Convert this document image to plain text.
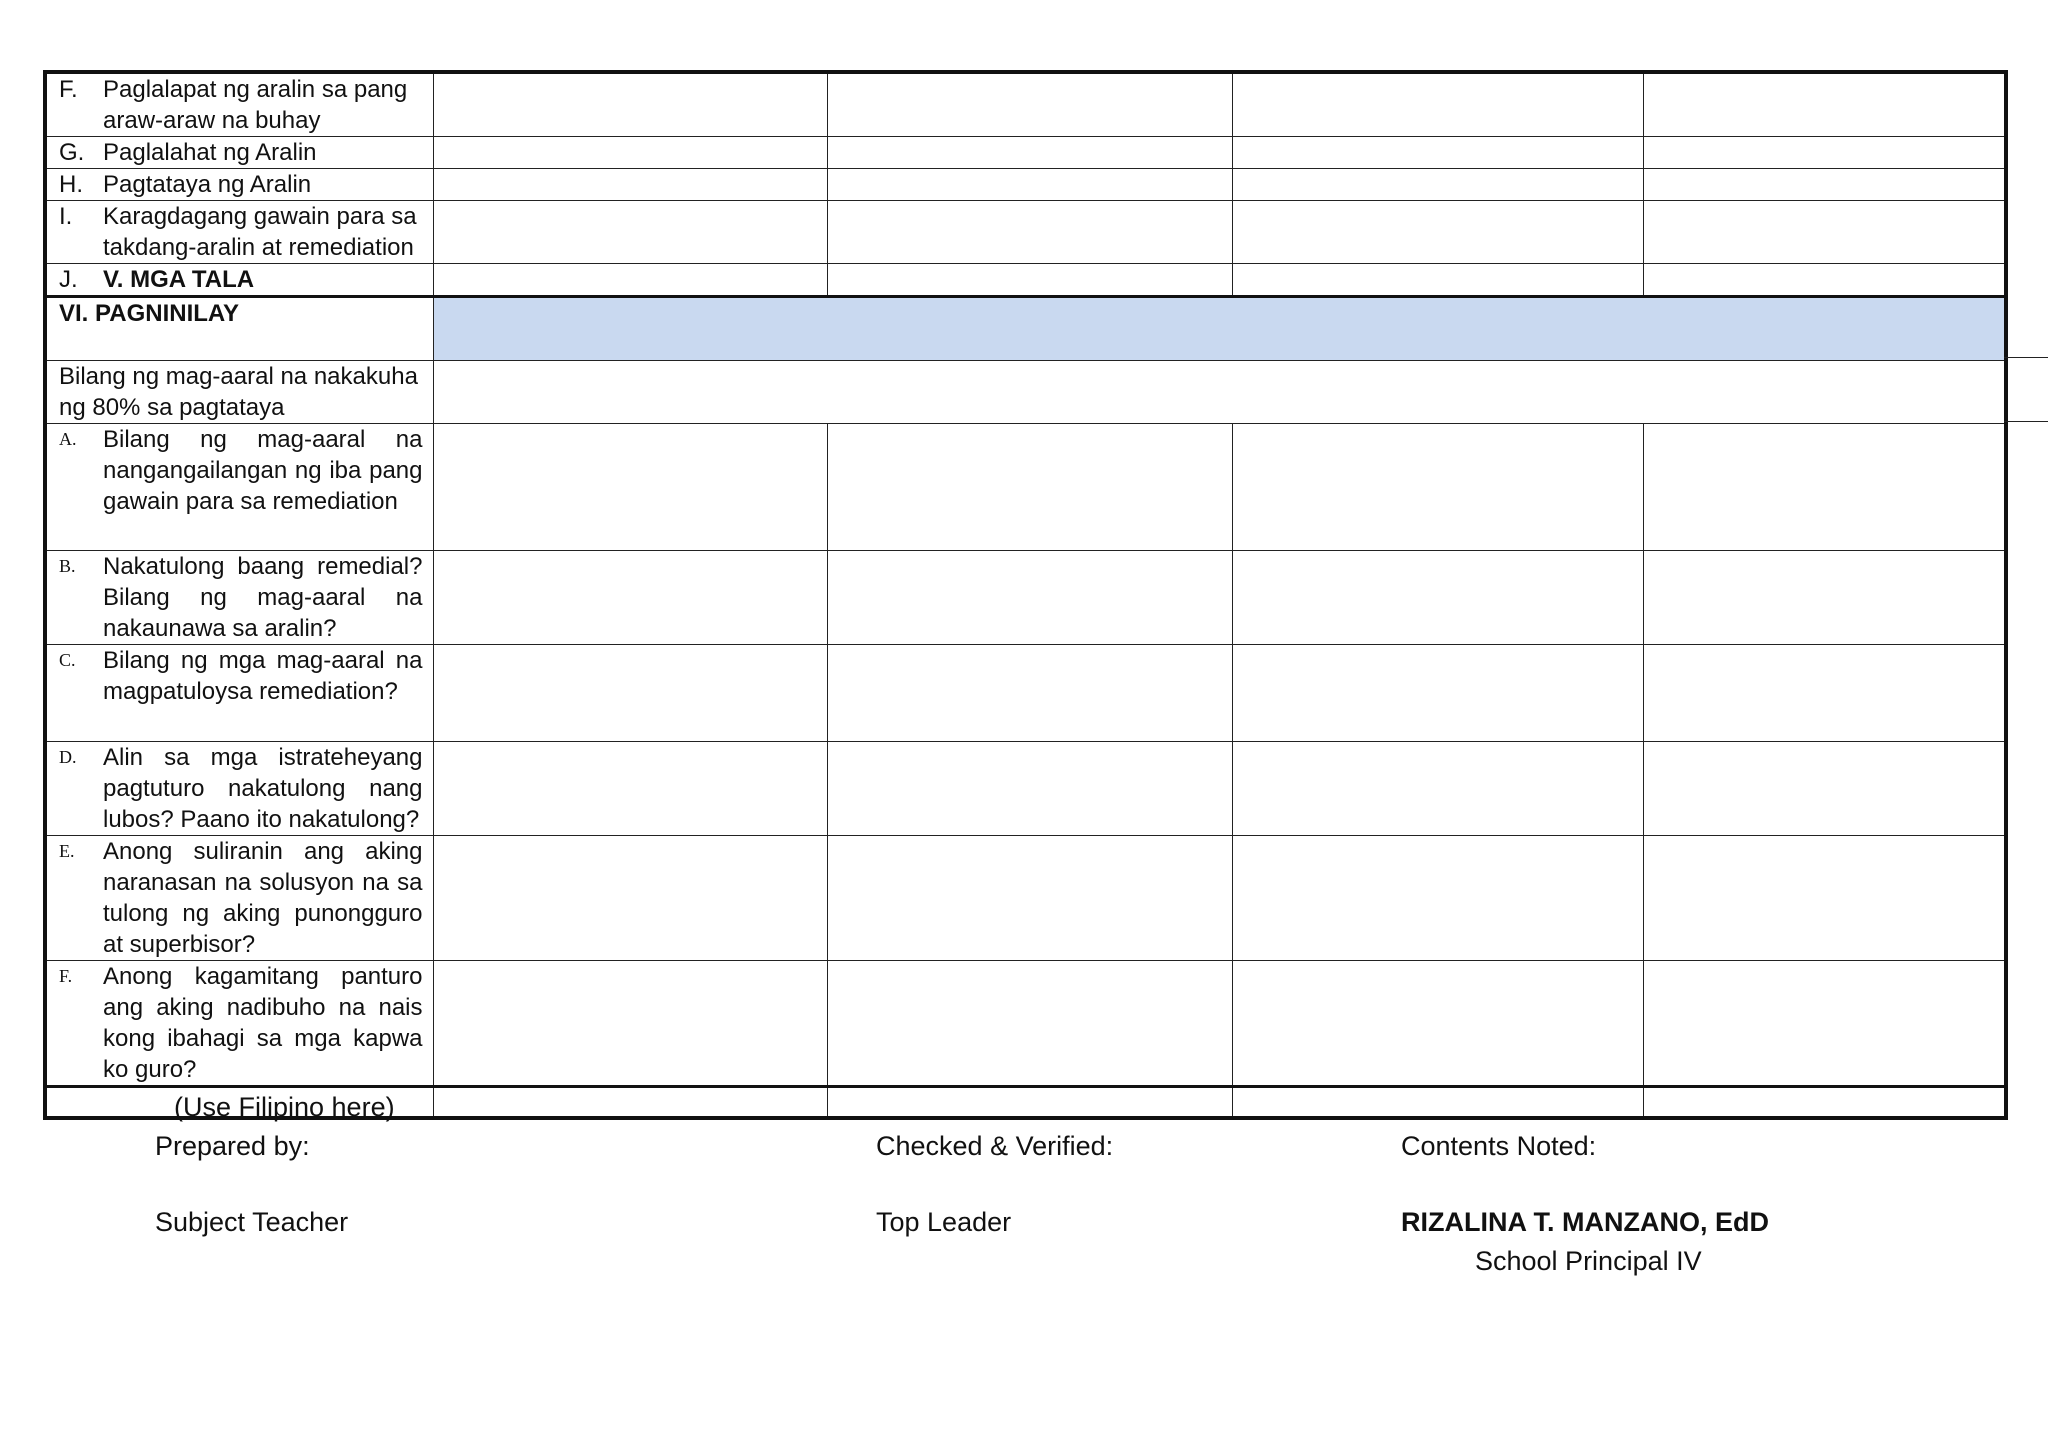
F. Paglalapat ng aralin sa pang araw-araw na buhay				

G. Paglalahat ng Aralin				

H. Pagtataya ng Aralin				

I. Karagdagang gawain para sa takdang-aralin at remediation				

J. V. MGA TALA				

VI. PAGNINILAY				

Bilang ng mag-aaral na nakakuha ng 80% sa pagtataya				

A. Bilang ng mag-aaral na nangangailangan ng iba pang gawain para sa remediation				

B. Nakatulong baang remedial? Bilang ng mag-aaral na nakaunawa sa aralin?				

C. Bilang ng mga mag-aaral na magpatuloysa remediation?				

D. Alin sa mga istrateheyang pagtuturo nakatulong nang lubos? Paano ito nakatulong?				

E. Anong suliranin ang aking naranasan na solusyon na sa tulong ng aking punongguro at superbisor?				

F. Anong kagamitang panturo ang aking nadibuho na nais kong ibahagi sa mga kapwa ko guro?				

(Use Filipino here)
Prepared by:	Checked & Verified:	Contents Noted:
Subject Teacher	Top Leader	RIZALINA T. MANZANO, EdD
School Principal IV
